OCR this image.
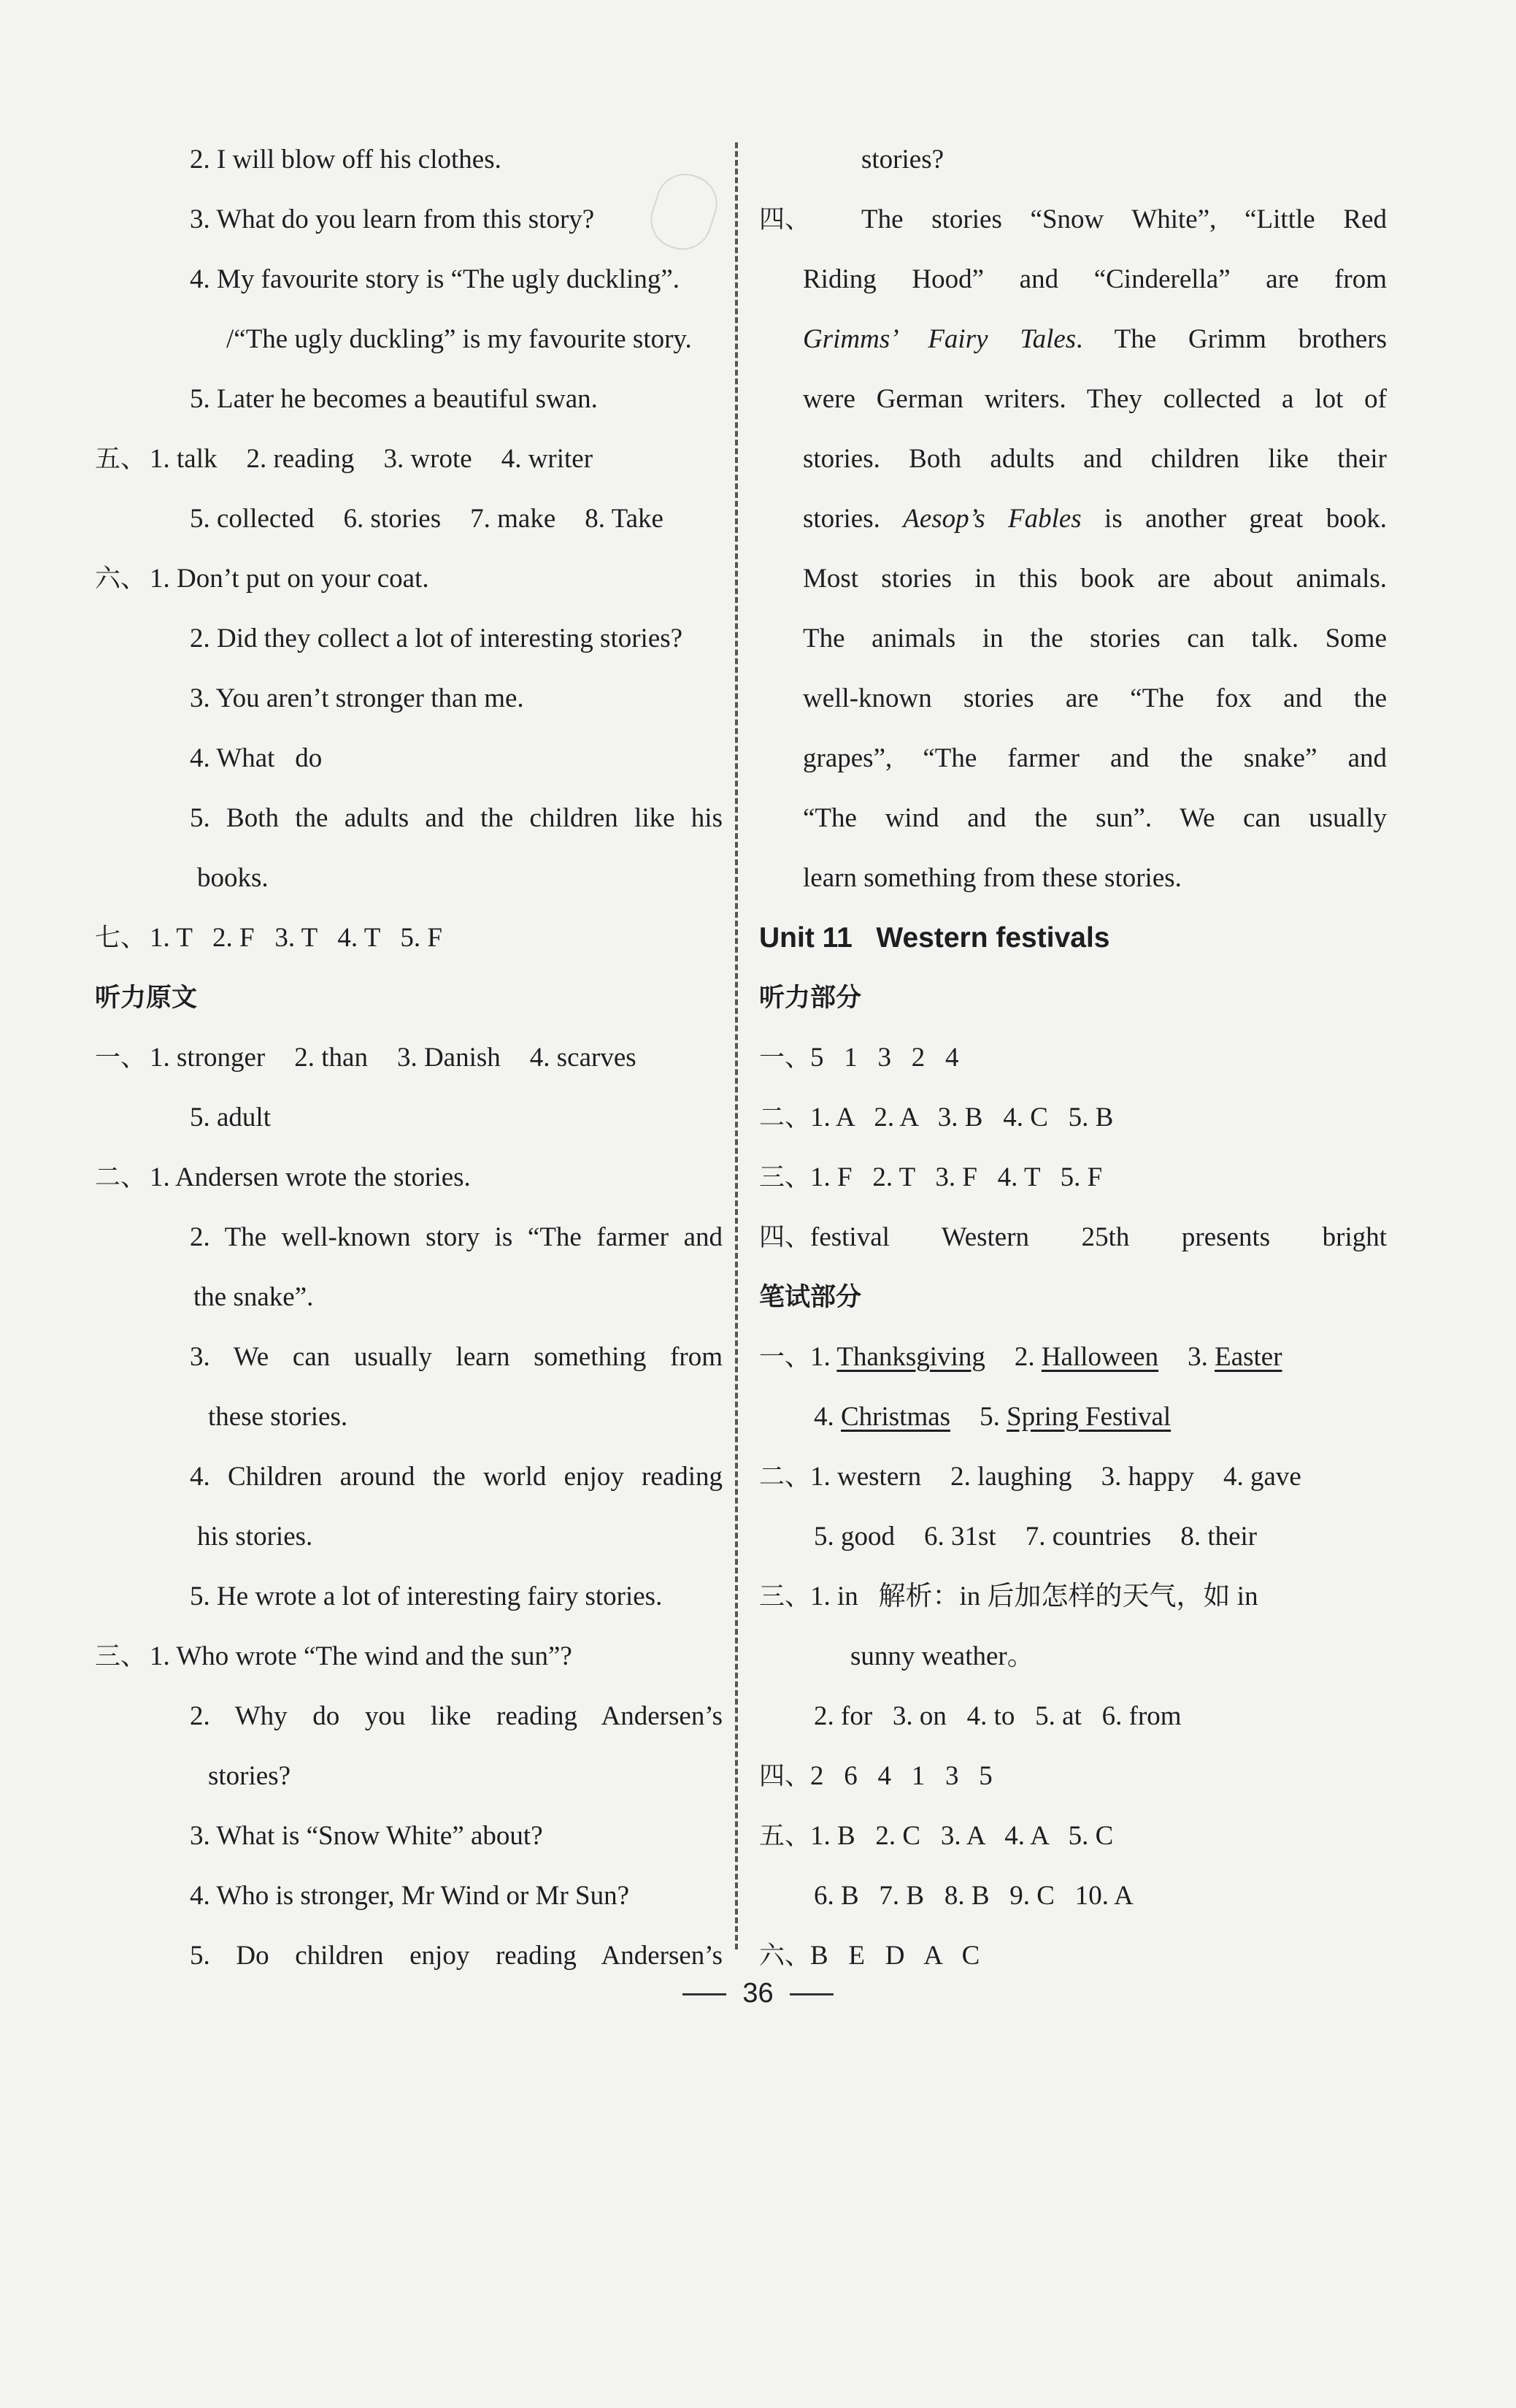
2. I will blow off his clothes.
3. What do you learn from this story?
4. My favourite story is “The ugly duckling”.
/“The ugly duckling” is my favourite story.
5. Later he becomes a beautiful swan.
五、 1. talk 2. reading 3. wrote 4. writer
5. collected 6. stories 7. make 8. Take
六、 1. Don’t put on your coat.
2. Did they collect a lot of interesting stories?
3. You aren’t stronger than me.
4. What   do
5. Both the adults and the children like his
books.
七、 1. T   2. F   3. T   4. T   5. F
听力原文
一、 1. stronger 2. than 3. Danish 4. scarves
5. adult
二、 1. Andersen wrote the stories.
2. The well-known story is “The farmer and
the snake”.
3. We can usually learn something from
these stories.
4. Children around the world enjoy reading
his stories.
5. He wrote a lot of interesting fairy stories.
三、 1. Who wrote “The wind and the sun”?
2. Why do you like reading Andersen’s
stories?
3. What is “Snow White” about?
4. Who is stronger, Mr Wind or Mr Sun?
5. Do children enjoy reading Andersen’s
stories?
四、 The stories “Snow White”, “Little Red
Riding Hood” and “Cinderella” are from
Grimms’ Fairy Tales. The Grimm brothers
were German writers. They collected a lot of
stories. Both adults and children like their
stories. Aesop’s Fables is another great book.
Most stories in this book are about animals.
The animals in the stories can talk. Some
well-known stories are “The fox and the
grapes”, “The farmer and the snake” and
“The wind and the sun”. We can usually
learn something from these stories.
Unit 11   Western festivals
听力部分
一、 5   1   3   2   4
二、 1. A   2. A   3. B   4. C   5. B
三、 1. F   2. T   3. F   4. T   5. F
四、 festival Western 25th presents bright
笔试部分
一、 1. Thanksgiving 2. Halloween 3. Easter
4. Christmas 5. Spring Festival
二、 1. western 2. laughing 3. happy 4. gave
5. good 6. 31st 7. countries 8. their
三、 1. in   解析：in 后加怎样的天气，如 in
sunny weather。
2. for   3. on   4. to   5. at   6. from
四、 2   6   4   1   3   5
五、 1. B   2. C   3. A   4. A   5. C
6. B   7. B   8. B   9. C   10. A
六、 B   E   D   A   C
36
